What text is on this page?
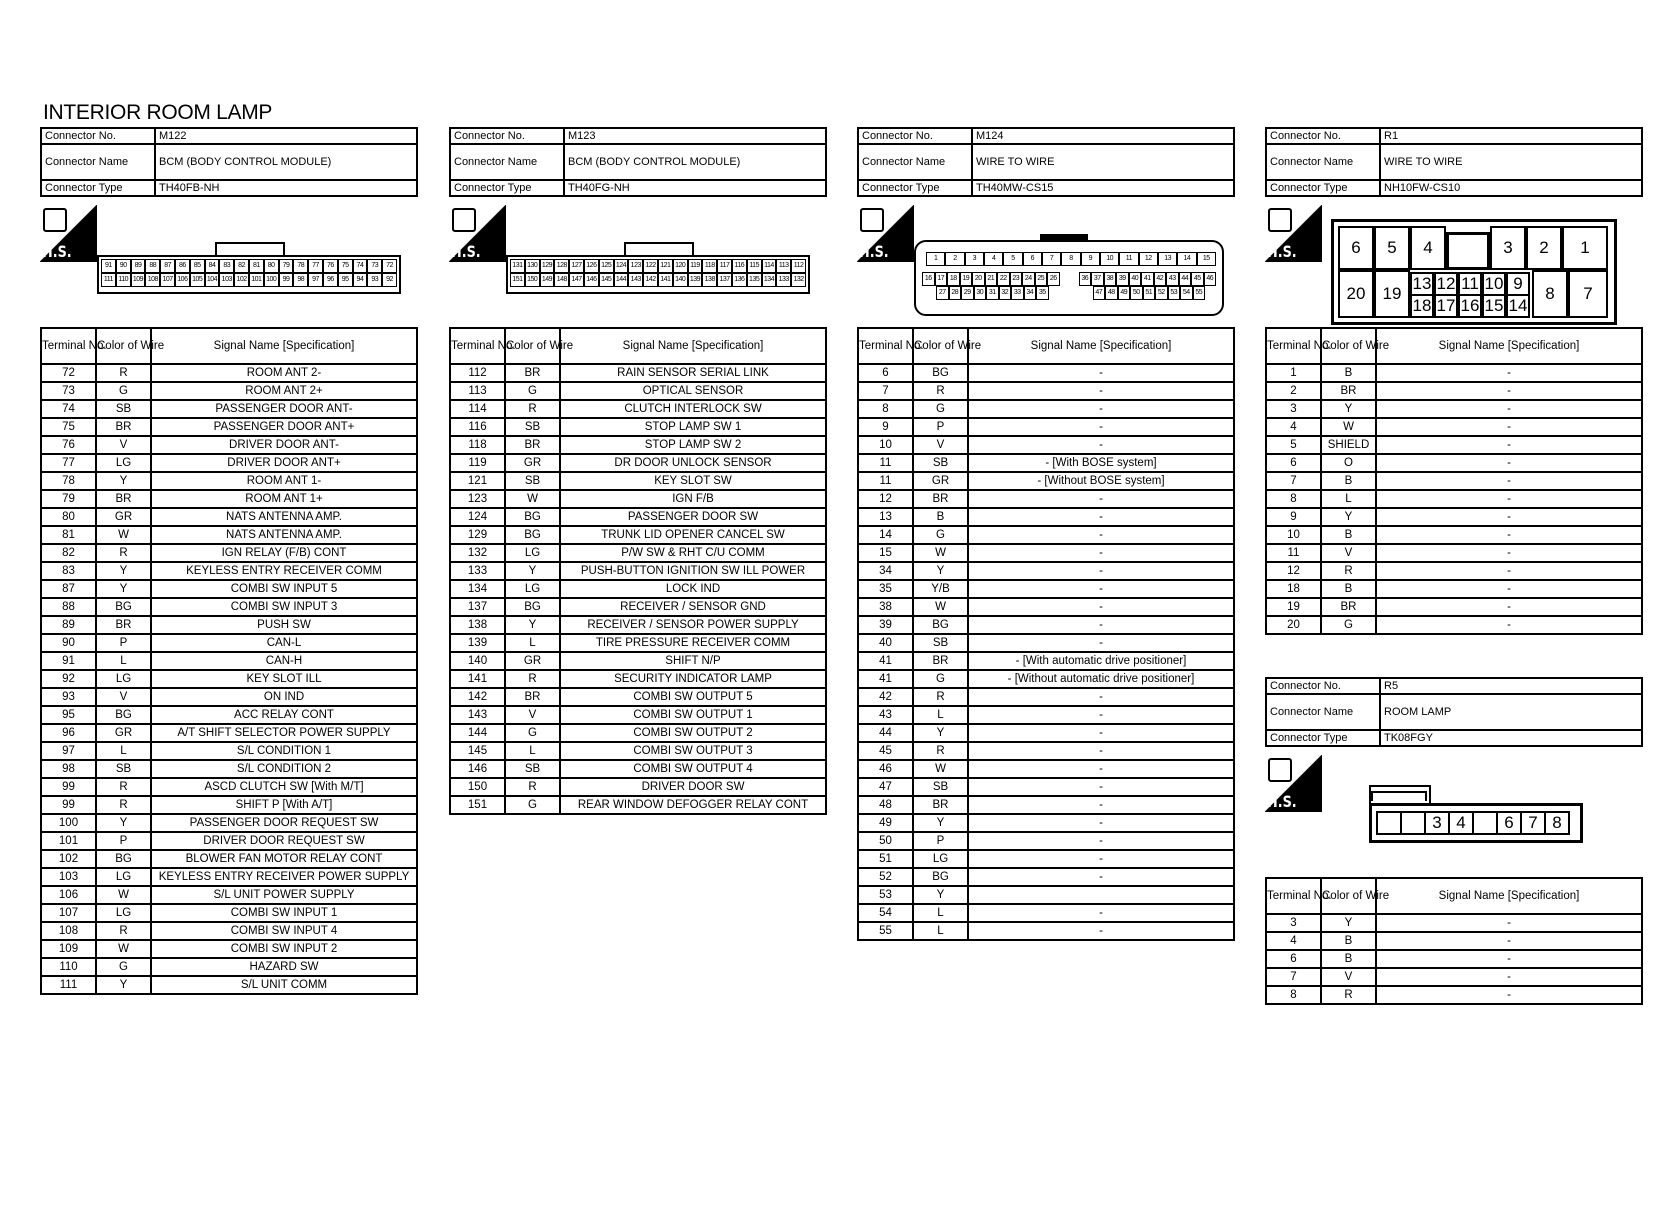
INTERIOR ROOM LAMP
Connector No.	M122
Connector Name	BCM (BODY CONTROL MODULE)
Connector Type	TH40FB-NH
H.S.
91	90	89	88	87	86	85	84	83	82	81	80	79	78	77	76	75	74	73	72
111 110 109 108 107 106 105 104 103 102 101 100 99	98	97	96	95	94	93	92
Terminal No.	Color of Wire	Signal Name [Specification]
72	R	ROOM ANT 2-
73	G	ROOM ANT 2+
74	SB	PASSENGER DOOR ANT-
75	BR	PASSENGER DOOR ANT+
76	V	DRIVER DOOR ANT-
77	LG	DRIVER DOOR ANT+
78	Y	ROOM ANT 1-
79	BR	ROOM ANT 1+
80	GR	NATS ANTENNA AMP.
81	W	NATS ANTENNA AMP.
82	R	IGN RELAY (F/B) CONT
83	Y	KEYLESS ENTRY RECEIVER COMM
87	Y	COMBI SW INPUT 5
88	BG	COMBI SW INPUT 3
89	BR	PUSH SW
90	P	CAN-L
91	L	CAN-H
92	LG	KEY SLOT ILL
93	V	ON IND
95	BG	ACC RELAY CONT
96	GR	A/T SHIFT SELECTOR POWER SUPPLY
97	L	S/L CONDITION 1
98	SB	S/L CONDITION 2
99	R	ASCD CLUTCH SW [With M/T]
99	R	SHIFT P [With A/T]
100	Y	PASSENGER DOOR REQUEST SW
101	P	DRIVER DOOR REQUEST SW
102	BG	BLOWER FAN MOTOR RELAY CONT
103	LG	KEYLESS ENTRY RECEIVER POWER SUPPLY
106	W	S/L UNIT POWER SUPPLY
107	LG	COMBI SW INPUT 1
108	R	COMBI SW INPUT 4
109	W	COMBI SW INPUT 2
110	G	HAZARD SW
111	Y	S/L UNIT COMM
Connector No.	M123
Connector Name	BCM (BODY CONTROL MODULE)
Connector Type	TH40FG-NH
H.S.
131 130 129 128 127 126 125 124 123 122 121 120 119 118 117 116 115 114 113 112
151 150 149 148 147 146 145 144 143 142 141 140 139 138 137 136 135 134 133 132
Terminal No.	Color of Wire	Signal Name [Specification]
112	BR	RAIN SENSOR SERIAL LINK
113	G	OPTICAL SENSOR
114	R	CLUTCH INTERLOCK SW
116	SB	STOP LAMP SW 1
118	BR	STOP LAMP SW 2
119	GR	DR DOOR UNLOCK SENSOR
121	SB	KEY SLOT SW
123	W	IGN F/B
124	BG	PASSENGER DOOR SW
129	BG	TRUNK LID OPENER CANCEL SW
132	LG	P/W SW & RHT C/U COMM
133	Y	PUSH-BUTTON IGNITION SW ILL POWER
134	LG	LOCK IND
137	BG	RECEIVER / SENSOR GND
138	Y	RECEIVER / SENSOR POWER SUPPLY
139	L	TIRE PRESSURE RECEIVER COMM
140	GR	SHIFT N/P
141	R	SECURITY INDICATOR LAMP
142	BR	COMBI SW OUTPUT 5
143	V	COMBI SW OUTPUT 1
144	G	COMBI SW OUTPUT 2
145	L	COMBI SW OUTPUT 3
146	SB	COMBI SW OUTPUT 4
150	R	DRIVER DOOR SW
151	G	REAR WINDOW DEFOGGER RELAY CONT
Connector No.	M124
Connector Name	WIRE TO WIRE
Connector Type	TH40MW-CS15
H.S.	1	2	3	4	5	6	7	8	9	10	11	12	13	14	15
16 17 18 19 20 21 22 23 24 25 26
27 28 29 30 31 32 33 34 35
36 37 38 39 40 41 42 43 44 45 46
47 48 49 50 51 52 53 54 55
Terminal No.	Color of Wire	Signal Name [Specification]
6	BG	-
7	R	-
8	G	-
9	P	-
10	V	-
11	SB	- [With BOSE system]
11	GR	- [Without BOSE system]
12	BR	-
13	B	-
14	G	-
15	W	-
34	Y	-
35	Y/B	-
38	W	-
39	BG	-
40	SB	-
41	BR	- [With automatic drive positioner]
41	G	- [Without automatic drive positioner]
42	R	-
43	L	-
44	Y	-
45	R	-
46	W	-
47	SB	-
48	BR	-
49	Y	-
50	P	-
51	LG	-
52	BG	-
53	Y	
54	L	-
55	L	-
Connector No.	R1
Connector Name	WIRE TO WIRE
Connector Type	NH10FW-CS10
H.S.	6	5	4	3	2	1
20	19
13 12 11 10 9
18 17 16 15 14
8	7
Terminal No.	Color of Wire	Signal Name [Specification]
1	B	-
2	BR	-
3	Y	-
4	W	-
5	SHIELD	-
6	O	-
7	B	-
8	L	-
9	Y	-
10	B	-
11	V	-
12	R	-
18	B	-
19	BR	-
20	G	-
Connector No.	R5
Connector Name	ROOM LAMP
Connector Type	TK08FGY
H.S.
3 4	6 7 8
Terminal No.	Color of Wire	Signal Name [Specification]
3	Y	-
4	B	-
6	B	-
7	V	-
8	R	-
